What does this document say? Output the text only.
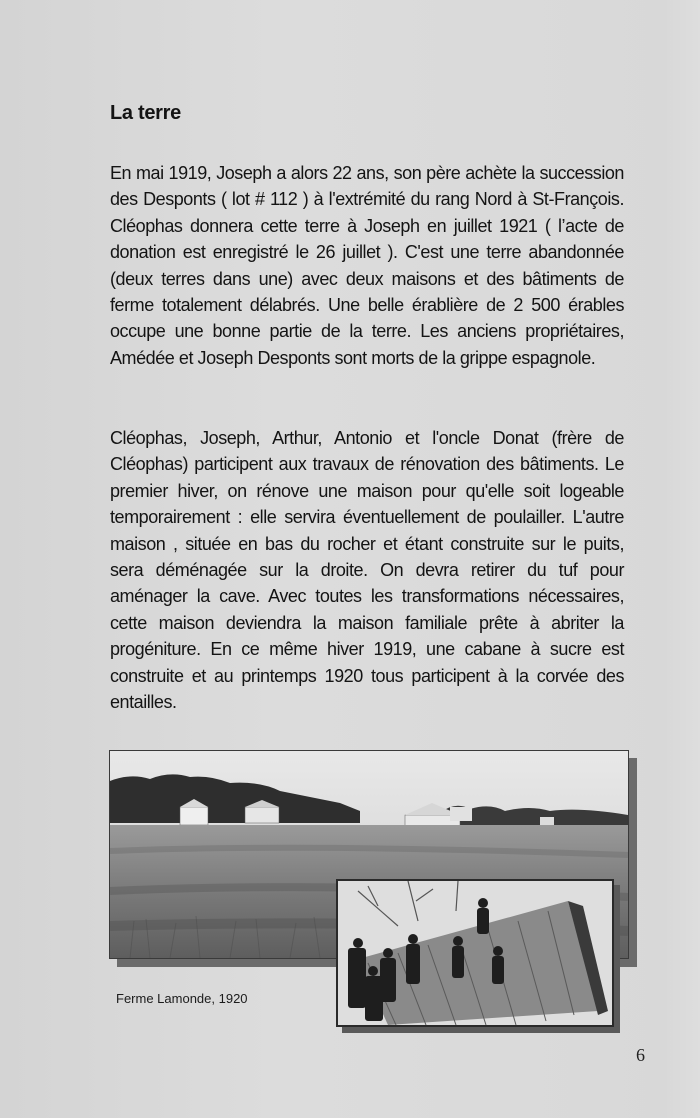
La terre

En mai 1919, Joseph a alors 22 ans, son père achète la succession des Desponts ( lot # 112 ) à l'extrémité du rang Nord à St-François. Cléophas donnera cette terre à Joseph en juillet 1921 ( l’acte de donation est enregistré le 26 juillet ). C'est une terre abandonnée (deux terres dans une) avec deux maisons et des bâtiments de ferme totalement délabrés. Une belle érablière de 2 500 érables occupe une bonne partie de la terre. Les anciens propriétaires, Amédée et Joseph Desponts sont morts de la grippe espagnole.

Cléophas, Joseph, Arthur, Antonio et l'oncle Donat (frère de Cléophas) participent aux travaux de rénovation des bâtiments. Le premier hiver, on rénove une maison pour qu'elle soit logeable temporairement : elle servira éventuellement de poulailler. L'autre maison , située en bas du rocher et étant construite sur le puits, sera déménagée sur la droite. On devra retirer du tuf pour aménager la cave. Avec toutes les transformations nécessaires, cette maison deviendra la maison familiale prête à abriter la progéniture. En ce même hiver 1919, une cabane à sucre est construite et au printemps 1920 tous participent à la corvée des entailles.

Ferme Lamonde, 1920
6
